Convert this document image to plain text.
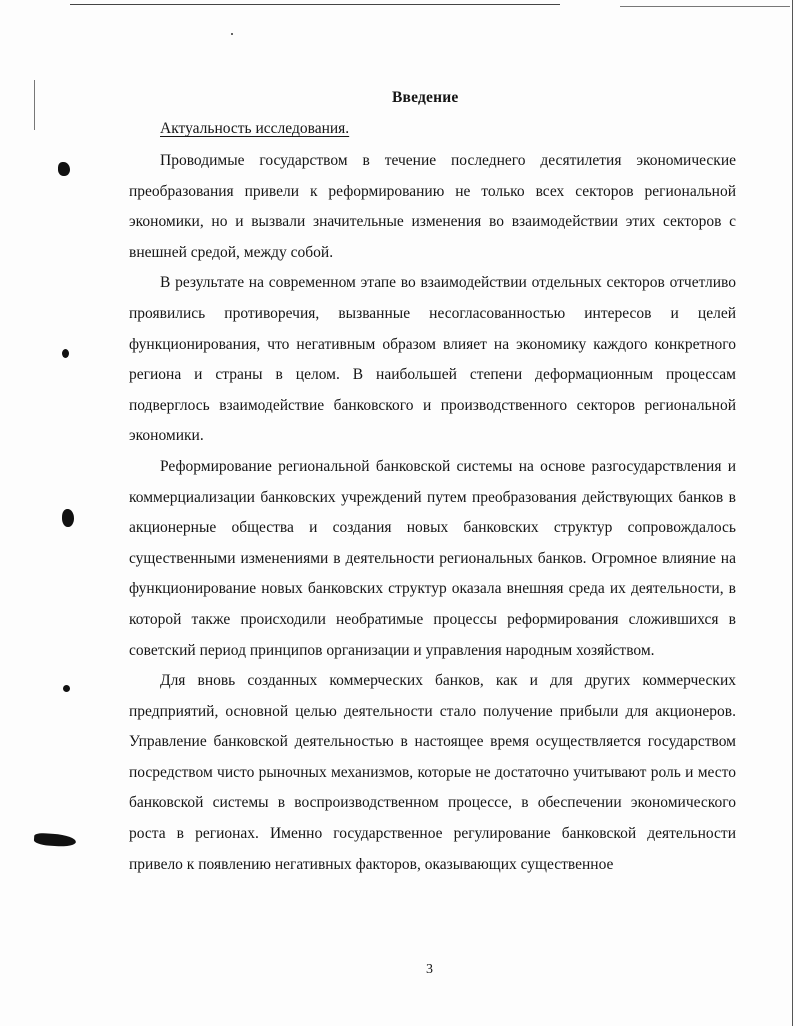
Введение
Актуальность исследования.

Проводимые государством в течение последнего десятилетия экономические преобразования привели к реформированию не только всех секторов региональной экономики, но и вызвали значительные изменения во взаимодействии этих секторов с внешней средой, между собой.

В результате на современном этапе во взаимодействии отдельных секторов отчетливо проявились противоречия, вызванные несогласованностью интересов и целей функционирования, что негативным образом влияет на экономику каждого конкретного региона и страны в целом. В наибольшей степени деформационным процессам подверглось взаимодействие банковского и производственного секторов региональной экономики.

Реформирование региональной банковской системы на основе разгосударствления и коммерциализации банковских учреждений путем преобразования действующих банков в акционерные общества и создания новых банковских структур сопровождалось существенными изменениями в деятельности региональных банков. Огромное влияние на функционирование новых банковских структур оказала внешняя среда их деятельности, в которой также происходили необратимые процессы реформирования сложившихся в советский период принципов организации и управления народным хозяйством.

Для вновь созданных коммерческих банков, как и для других коммерческих предприятий, основной целью деятельности стало получение прибыли для акционеров. Управление банковской деятельностью в настоящее время осуществляется государством посредством чисто рыночных механизмов, которые не достаточно учитывают роль и место банковской системы в воспроизводственном процессе, в обеспечении экономического роста в регионах. Именно государственное регулирование банковской деятельности привело к появлению негативных факторов, оказывающих существенное

3
